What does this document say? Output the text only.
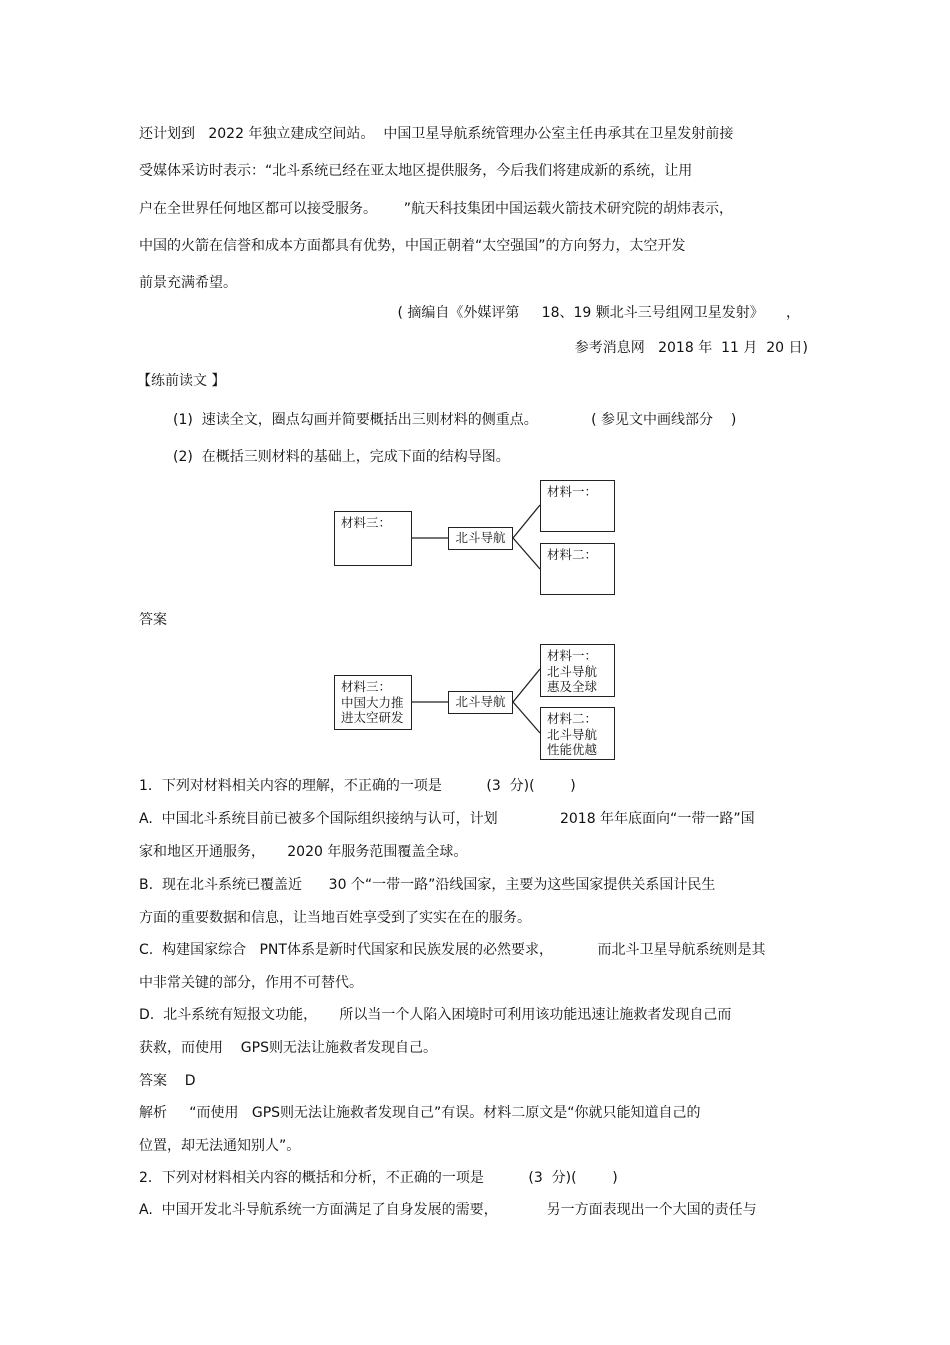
还计划到   2022 年独立建成空间站。  中国卫星导航系统管理办公室主任冉承其在卫星发射前接
受媒体采访时表示：“北斗系统已经在亚太地区提供服务，今后我们将建成新的系统，让用
户在全世界任何地区都可以接受服务。      ”航天科技集团中国运载火箭技术研究院的胡炜表示，
中国的火箭在信誉和成本方面都具有优势，中国正朝着“太空强国”的方向努力，太空开发
前景充满希望。
( 摘编自《外媒评第     18、19 颗北斗三号组网卫星发射》     ，
参考消息网   2018 年  11 月  20 日)
【练前读文 】
(1)  速读全文，圈点勾画并简要概括出三则材料的侧重点。            ( 参见文中画线部分    )
(2)  在概括三则材料的基础上，完成下面的结构导图。
材料三：
北斗导航
材料一：
材料二：
答案
材料三：
中国大力推
进太空研发
北斗导航
材料一：
北斗导航
惠及全球
材料二：
北斗导航
性能优越
1．下列对材料相关内容的理解，不正确的一项是          (3  分)(        )
A.  中国北斗系统目前已被多个国际组织接纳与认可，计划              2018 年年底面向“一带一路”国
家和地区开通服务，     2020 年服务范围覆盖全球。
B.  现在北斗系统已覆盖近      30 个“一带一路”沿线国家，主要为这些国家提供关系国计民生
方面的重要数据和信息，让当地百姓享受到了实实在在的服务。
C.  构建国家综合   PNT体系是新时代国家和民族发展的必然要求，          而北斗卫星导航系统则是其
中非常关键的部分，作用不可替代。
D.  北斗系统有短报文功能，     所以当一个人陷入困境时可利用该功能迅速让施救者发现自己而
获救，而使用    GPS则无法让施救者发现自己。
答案    D
解析     “而使用   GPS则无法让施救者发现自己”有误。材料二原文是“你就只能知道自己的
位置，却无法通知别人”。
2．下列对材料相关内容的概括和分析，不正确的一项是          (3  分)(        )
A.  中国开发北斗导航系统一方面满足了自身发展的需要，           另一方面表现出一个大国的责任与
